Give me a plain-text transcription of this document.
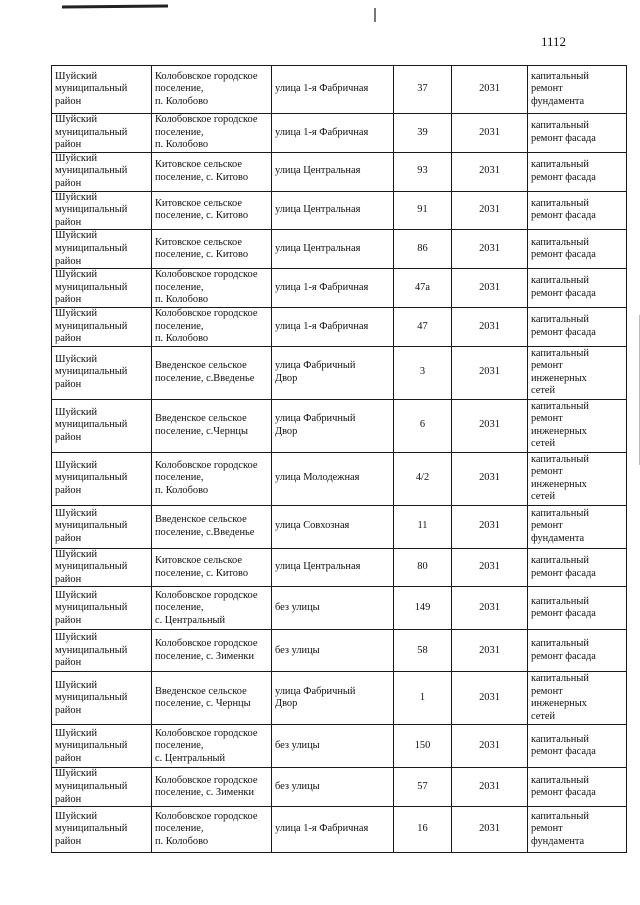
1112
Шуйский
муниципальный
район	Колобовское городское
поселение,
п. Колобово	улица 1-я Фабричная	37	2031	капитальный
ремонт
фундамента

Шуйский
муниципальный
район	Колобовское городское
поселение,
п. Колобово	улица 1-я Фабричная	39	2031	капитальный
ремонт фасада

Шуйский
муниципальный
район	Китовское сельское
поселение, с. Китово	улица Центральная	93	2031	капитальный
ремонт фасада

Шуйский
муниципальный
район	Китовское сельское
поселение, с. Китово	улица Центральная	91	2031	капитальный
ремонт фасада

Шуйский
муниципальный
район	Китовское сельское
поселение, с. Китово	улица Центральная	86	2031	капитальный
ремонт фасада

Шуйский
муниципальный
район	Колобовское городское
поселение,
п. Колобово	улица 1-я Фабричная	47а	2031	капитальный
ремонт фасада

Шуйский
муниципальный
район	Колобовское городское
поселение,
п. Колобово	улица 1-я Фабричная	47	2031	капитальный
ремонт фасада

Шуйский
муниципальный
район	Введенское сельское
поселение, с.Введенье	улица Фабричный
Двор	3	2031	капитальный
ремонт
инженерных
сетей

Шуйский
муниципальный
район	Введенское сельское
поселение, с.Чернцы	улица Фабричный
Двор	6	2031	капитальный
ремонт
инженерных
сетей

Шуйский
муниципальный
район	Колобовское городское
поселение,
п. Колобово	улица Молодежная	4/2	2031	капитальный
ремонт
инженерных
сетей

Шуйский
муниципальный
район	Введенское сельское
поселение, с.Введенье	улица Совхозная	11	2031	капитальный
ремонт
фундамента

Шуйский
муниципальный
район	Китовское сельское
поселение, с. Китово	улица Центральная	80	2031	капитальный
ремонт фасада

Шуйский
муниципальный
район	Колобовское городское
поселение,
с. Центральный	без улицы	149	2031	капитальный
ремонт фасада

Шуйский
муниципальный
район	Колобовское городское
поселение, с. Зименки	без улицы	58	2031	капитальный
ремонт фасада

Шуйский
муниципальный
район	Введенское сельское
поселение, с. Чернцы	улица Фабричный
Двор	1	2031	капитальный
ремонт
инженерных
сетей

Шуйский
муниципальный
район	Колобовское городское
поселение,
с. Центральный	без улицы	150	2031	капитальный
ремонт фасада

Шуйский
муниципальный
район	Колобовское городское
поселение, с. Зименки	без улицы	57	2031	капитальный
ремонт фасада

Шуйский
муниципальный
район	Колобовское городское
поселение,
п. Колобово	улица 1-я Фабричная	16	2031	капитальный
ремонт
фундамента
